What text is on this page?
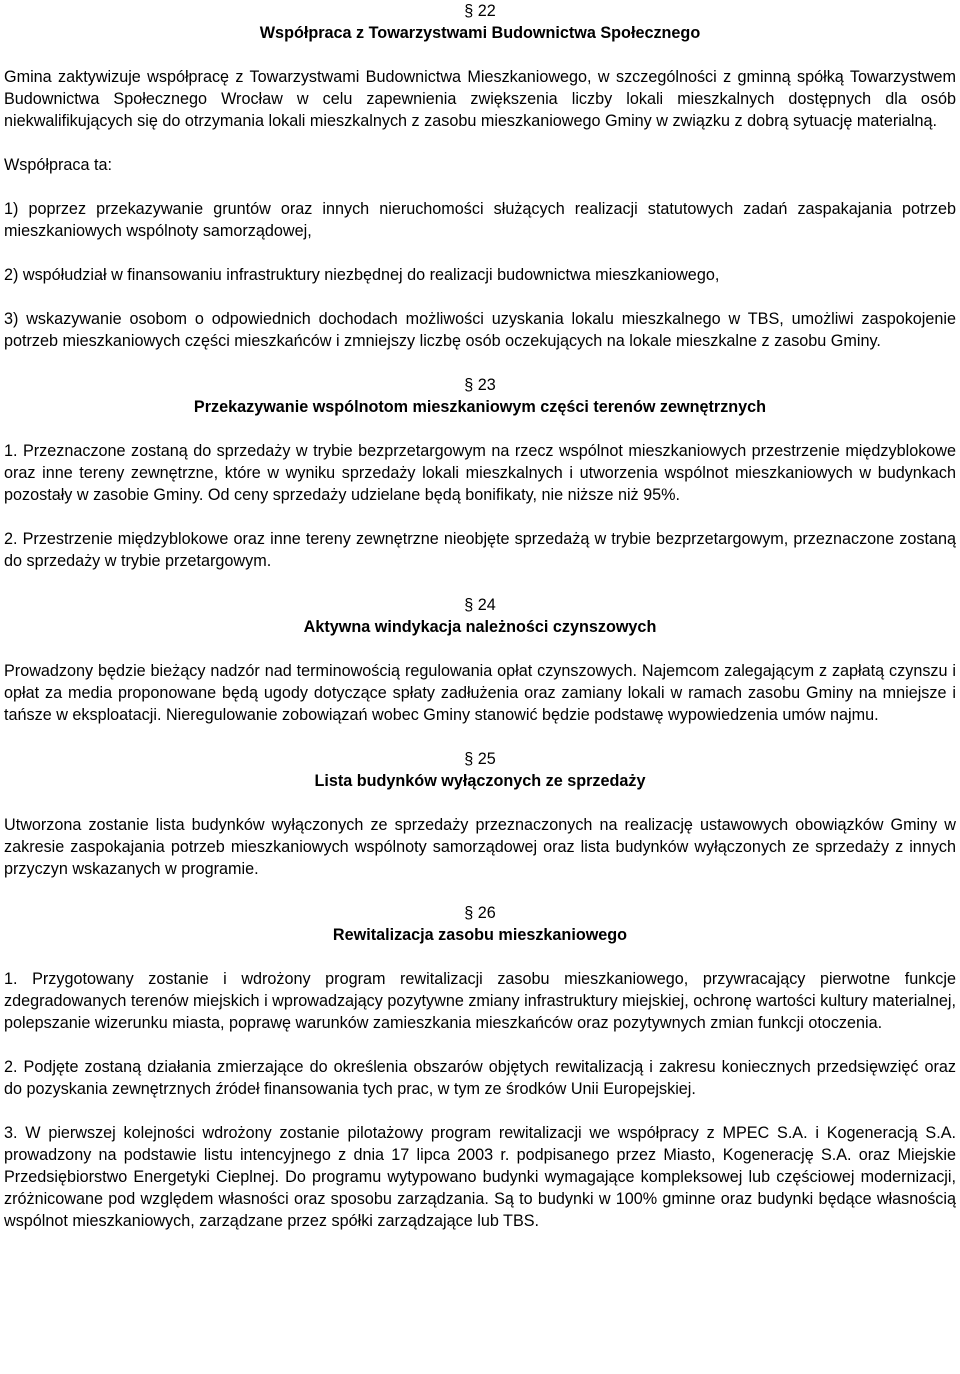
§ 22
Współpraca z Towarzystwami Budownictwa Społecznego

Gmina zaktywizuje współpracę z Towarzystwami Budownictwa Mieszkaniowego, w szczególności z gminną spółką Towarzystwem Budownictwa Społecznego Wrocław w celu zapewnienia zwiększenia liczby lokali mieszkalnych dostępnych dla osób niekwalifikujących się do otrzymania lokali mieszkalnych z zasobu mieszkaniowego Gminy w związku z dobrą sytuację materialną.

Współpraca ta:

1) poprzez przekazywanie gruntów oraz innych nieruchomości służących realizacji statutowych zadań zaspakajania potrzeb mieszkaniowych wspólnoty samorządowej,

2) współudział w finansowaniu infrastruktury niezbędnej do realizacji budownictwa mieszkaniowego,

3) wskazywanie osobom o odpowiednich dochodach możliwości uzyskania lokalu mieszkalnego w TBS, umożliwi zaspokojenie potrzeb mieszkaniowych części mieszkańców i zmniejszy liczbę osób oczekujących na lokale mieszkalne z zasobu Gminy.

§ 23
Przekazywanie wspólnotom mieszkaniowym części terenów zewnętrznych

1. Przeznaczone zostaną do sprzedaży w trybie bezprzetargowym na rzecz wspólnot mieszkaniowych przestrzenie międzyblokowe oraz inne tereny zewnętrzne, które w wyniku sprzedaży lokali mieszkalnych i utworzenia wspólnot mieszkaniowych w budynkach pozostały w zasobie Gminy. Od ceny sprzedaży udzielane będą bonifikaty, nie niższe niż 95%.

2. Przestrzenie międzyblokowe oraz inne tereny zewnętrzne nieobjęte sprzedażą w trybie bezprzetargowym, przeznaczone zostaną do sprzedaży w trybie przetargowym.

§ 24
Aktywna windykacja należności czynszowych

Prowadzony będzie bieżący nadzór nad terminowością regulowania opłat czynszowych. Najemcom zalegającym z zapłatą czynszu i opłat za media proponowane będą ugody dotyczące spłaty zadłużenia oraz zamiany lokali w ramach zasobu Gminy na mniejsze i tańsze w eksploatacji. Nieregulowanie zobowiązań wobec Gminy stanowić będzie podstawę wypowiedzenia umów najmu.

§ 25
Lista budynków wyłączonych ze sprzedaży

Utworzona zostanie lista budynków wyłączonych ze sprzedaży przeznaczonych na realizację ustawowych obowiązków Gminy w zakresie zaspokajania potrzeb mieszkaniowych wspólnoty samorządowej oraz lista budynków wyłączonych ze sprzedaży z innych przyczyn wskazanych w programie.

§ 26
Rewitalizacja zasobu mieszkaniowego

1. Przygotowany zostanie i wdrożony program rewitalizacji zasobu mieszkaniowego, przywracający pierwotne funkcje zdegradowanych terenów miejskich i wprowadzający pozytywne zmiany infrastruktury miejskiej, ochronę wartości kultury materialnej, polepszanie wizerunku miasta, poprawę warunków zamieszkania mieszkańców oraz pozytywnych zmian funkcji otoczenia.

2. Podjęte zostaną działania zmierzające do określenia obszarów objętych rewitalizacją i zakresu koniecznych przedsięwzięć oraz do pozyskania zewnętrznych źródeł finansowania tych prac, w tym ze środków Unii Europejskiej.

3. W pierwszej kolejności wdrożony zostanie pilotażowy program rewitalizacji we współpracy z MPEC S.A. i Kogeneracją S.A. prowadzony na podstawie listu intencyjnego z dnia 17 lipca 2003 r. podpisanego przez Miasto, Kogenerację S.A. oraz Miejskie Przedsiębiorstwo Energetyki Cieplnej. Do programu wytypowano budynki wymagające kompleksowej lub częściowej modernizacji, zróżnicowane pod względem własności oraz sposobu zarządzania. Są to budynki w 100% gminne oraz budynki będące własnością wspólnot mieszkaniowych, zarządzane przez spółki zarządzające lub TBS.
